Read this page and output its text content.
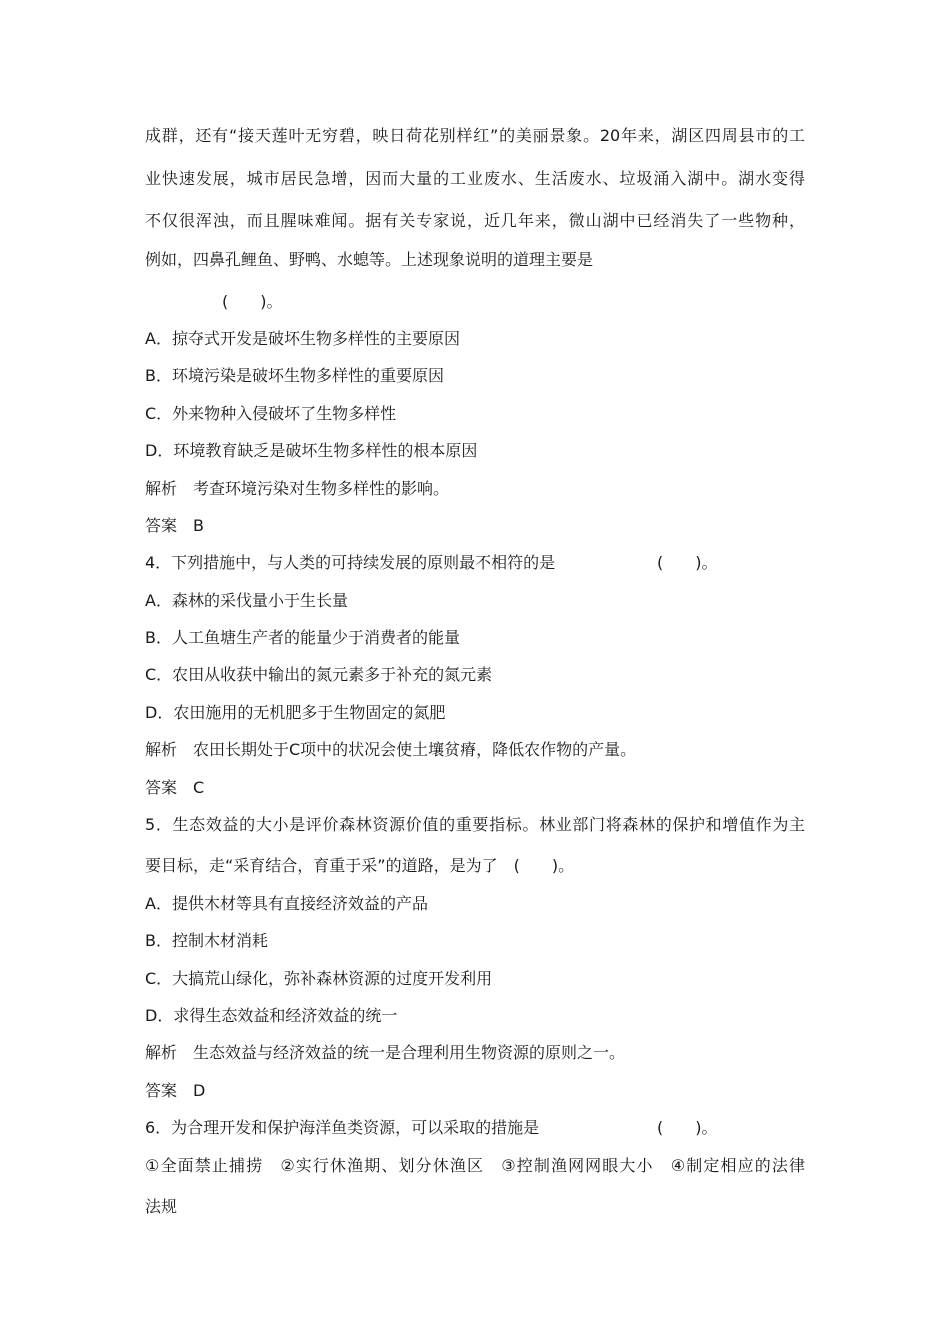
成群，还有“接天莲叶无穷碧，映日荷花别样红”的美丽景象。20年来，湖区四周县市的工
业快速发展，城市居民急增，因而大量的工业废水、生活废水、垃圾涌入湖中。湖水变得
不仅很浑浊，而且腥味难闻。据有关专家说，近几年来，微山湖中已经消失了一些物种，
例如，四鼻孔鲤鱼、野鸭、水螅等。上述现象说明的道理主要是
(　　)。
A．掠夺式开发是破坏生物多样性的主要原因
B．环境污染是破坏生物多样性的重要原因
C．外来物种入侵破坏了生物多样性
D．环境教育缺乏是破坏生物多样性的根本原因
解析　考查环境污染对生物多样性的影响。
答案　B
4．下列措施中，与人类的可持续发展的原则最不相符的是	(　　)。
A．森林的采伐量小于生长量
B．人工鱼塘生产者的能量少于消费者的能量
C．农田从收获中输出的氮元素多于补充的氮元素
D．农田施用的无机肥多于生物固定的氮肥
解析　农田长期处于C项中的状况会使土壤贫瘠，降低农作物的产量。
答案　C
5．生态效益的大小是评价森林资源价值的重要指标。林业部门将森林的保护和增值作为主
要目标，走“采育结合，育重于采”的道路，是为了　(　　)。
A．提供木材等具有直接经济效益的产品
B．控制木材消耗
C．大搞荒山绿化，弥补森林资源的过度开发利用
D．求得生态效益和经济效益的统一
解析　生态效益与经济效益的统一是合理利用生物资源的原则之一。
答案　D
6．为合理开发和保护海洋鱼类资源，可以采取的措施是	(　　)。
①全面禁止捕捞　②实行休渔期、划分休渔区　③控制渔网网眼大小　④制定相应的法律
法规
